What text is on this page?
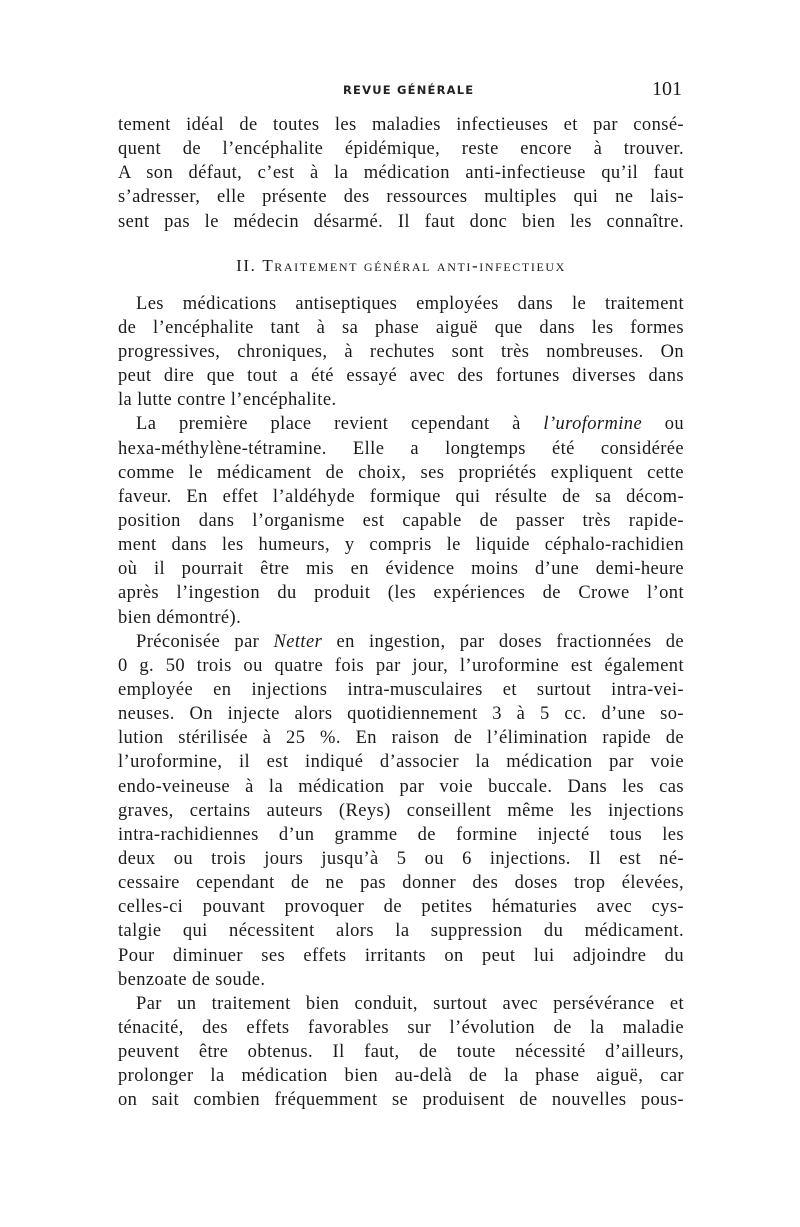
REVUE GÉNÉRALE	101
tement idéal de toutes les maladies infectieuses et par consé-
quent de l’encéphalite épidémique, reste encore à trouver.
A son défaut, c’est à la médication anti-infectieuse qu’il faut
s’adresser, elle présente des ressources multiples qui ne lais-
sent pas le médecin désarmé. Il faut donc bien les connaître.
II. Traitement général anti-infectieux
Les médications antiseptiques employées dans le traitement
de l’encéphalite tant à sa phase aiguë que dans les formes
progressives, chroniques, à rechutes sont très nombreuses. On
peut dire que tout a été essayé avec des fortunes diverses dans
la lutte contre l’encéphalite.
La première place revient cependant à l’uroformine ou
hexa-méthylène-tétramine. Elle a longtemps été considérée
comme le médicament de choix, ses propriétés expliquent cette
faveur. En effet l’aldéhyde formique qui résulte de sa décom-
position dans l’organisme est capable de passer très rapide-
ment dans les humeurs, y compris le liquide céphalo-rachidien
où il pourrait être mis en évidence moins d’une demi-heure
après l’ingestion du produit (les expériences de Crowe l’ont
bien démontré).
Préconisée par Netter en ingestion, par doses fractionnées de
0 g. 50 trois ou quatre fois par jour, l’uroformine est également
employée en injections intra-musculaires et surtout intra-vei-
neuses. On injecte alors quotidiennement 3 à 5 cc. d’une so-
lution stérilisée à 25 %. En raison de l’élimination rapide de
l’uroformine, il est indiqué d’associer la médication par voie
endo-veineuse à la médication par voie buccale. Dans les cas
graves, certains auteurs (Reys) conseillent même les injections
intra-rachidiennes d’un gramme de formine injecté tous les
deux ou trois jours jusqu’à 5 ou 6 injections. Il est né-
cessaire cependant de ne pas donner des doses trop élevées,
celles-ci pouvant provoquer de petites hématuries avec cys-
talgie qui nécessitent alors la suppression du médicament.
Pour diminuer ses effets irritants on peut lui adjoindre du
benzoate de soude.
Par un traitement bien conduit, surtout avec persévérance et
ténacité, des effets favorables sur l’évolution de la maladie
peuvent être obtenus. Il faut, de toute nécessité d’ailleurs,
prolonger la médication bien au-delà de la phase aiguë, car
on sait combien fréquemment se produisent de nouvelles pous-
